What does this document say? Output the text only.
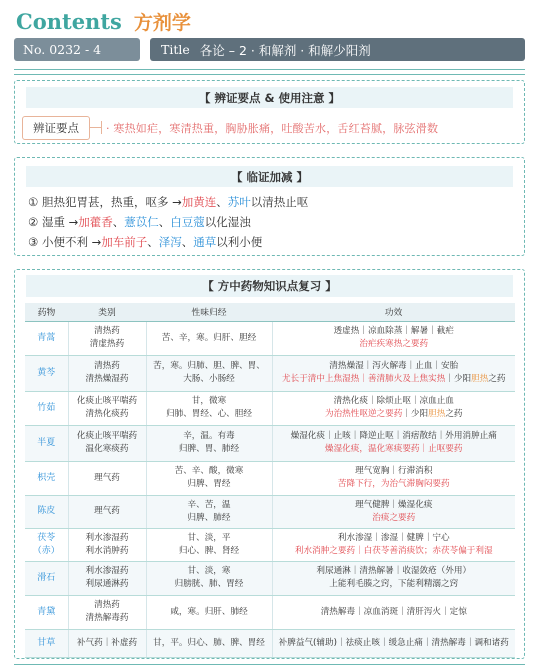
Contents 方剂学
No. 0232 - 4	Title 各论 – 2 · 和解剂 · 和解少阳剂
【 辨证要点 & 使用注意 】
辨证要点	· 寒热如疟，寒清热重，胸胁胀痛，吐酸苦水，舌红苔腻，脉弦滑数
【 临证加减 】
① 胆热犯胃甚，热重，呕多 → 加黄连 、 苏叶 以清热止呕
② 湿重 → 加藿香 、 薏苡仁 、 白豆蔻 以化湿浊
③ 小便不利 → 加车前子 、 泽泻 、 通草 以利小便
【 方中药物知识点复习 】
药物	类别	性味归经	功效
青蒿	清热药
清虚热药	苦、辛，寒。归肝、胆经	透虚热｜凉血除蒸｜解暑｜截疟
治疟疾寒热之要药

黄芩	清热药
清热燥湿药	苦，寒。归肺、胆、脾、胃、
大肠、小肠经	清热燥湿｜泻火解毒｜止血｜安胎
尤长于清中上焦湿热｜善清肺火及上焦实热｜少阳胆热之药

竹茹	化痰止咳平喘药
清热化痰药	甘，微寒
归肺、胃经、心、胆经	清热化痰｜除烦止呕｜凉血止血
为治热性呕逆之要药｜少阳胆热之药

半夏	化痰止咳平喘药
温化寒痰药	辛，温。有毒
归脾、胃、肺经	燥湿化痰｜止咳｜降逆止呕｜消痞散结｜外用消肿止痛
燥湿化痰，温化寒痰要药｜止呕要药

枳壳	理气药	苦、辛、酸，微寒
归脾、胃经	理气宽胸｜行滞消积
苦降下行，为治气滞胸闷要药

陈皮	理气药	辛、苦，温
归脾、肺经	理气健脾｜燥湿化痰
治痰之要药

茯苓（赤）	利水渗湿药
利水消肿药	甘、淡，平
归心、脾、肾经	利水渗湿｜渗湿｜健脾｜宁心
利水消肿之要药｜白茯苓善消痰饮；赤茯苓偏于利湿

滑石	利水渗湿药
利尿通淋药	甘、淡，寒
归膀胱、肺、胃经	利尿通淋｜清热解暑｜收湿敛疮（外用）
上能利毛腠之窍，下能利精溺之窍

青黛	清热药
清热解毒药	咸，寒。归肝、肺经	清热解毒｜凉血消斑｜清肝泻火｜定惊

甘草	补气药｜补虚药	甘，平。归心、肺、脾、胃经	补脾益气(辅助)｜祛痰止咳｜缓急止痛｜清热解毒｜调和诸药
